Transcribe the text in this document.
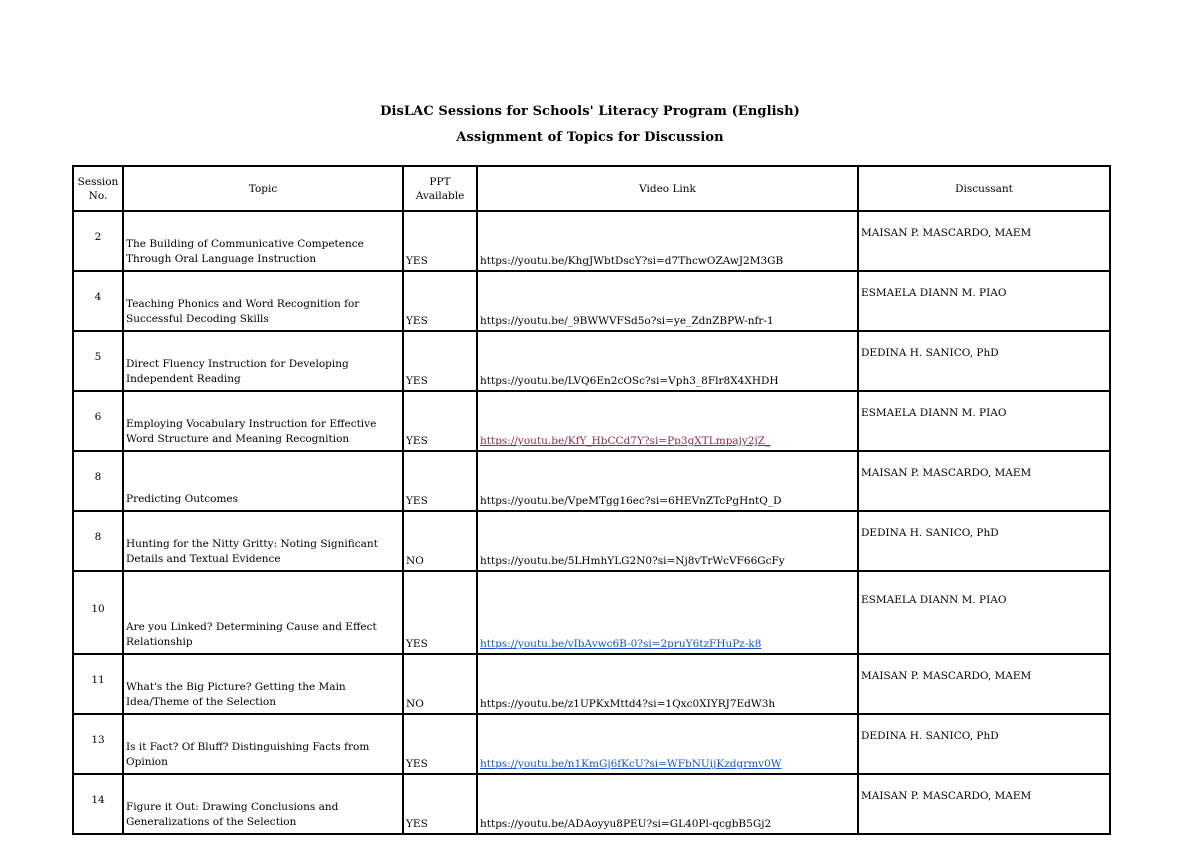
DisLAC Sessions for Schools' Literacy Program (English)
Assignment of Topics for Discussion
Session No.	Topic	PPT Available	Video Link	Discussant
2	The Building of Communicative Competence Through Oral Language Instruction	YES	https://youtu.be/KhgJWbtDscY?si=d7ThcwOZAwJ2M3GB	MAISAN P. MASCARDO, MAEM
4	Teaching Phonics and Word Recognition for Successful Decoding Skills	YES	https://youtu.be/_9BWWVFSd5o?si=ye_ZdnZBPW-nfr-1	ESMAELA DIANN M. PIAO
5	Direct Fluency Instruction for Developing Independent Reading	YES	https://youtu.be/LVQ6En2cOSc?si=Vph3_8Flr8X4XHDH	DEDINA H. SANICO, PhD
6	Employing Vocabulary Instruction for Effective Word Structure and Meaning Recognition	YES	https://youtu.be/KfY_HbCCd7Y?si=Pp3gXTLmpajy2jZ_	ESMAELA DIANN M. PIAO
8	Predicting Outcomes	YES	https://youtu.be/VpeMTgg16ec?si=6HEVnZTcPgHntQ_D	MAISAN P. MASCARDO, MAEM
8	Hunting for the Nitty Gritty: Noting Significant Details and Textual Evidence	NO	https://youtu.be/5LHmhYLG2N0?si=Nj8vTrWcVF66GcFy	DEDINA H. SANICO, PhD
10	Are you Linked? Determining Cause and Effect Relationship	YES	https://youtu.be/vIbAvwc6B-0?si=2pruY6tzFHuPz-k8	ESMAELA DIANN M. PIAO
11	What's the Big Picture? Getting the Main Idea/Theme of the Selection	NO	https://youtu.be/z1UPKxMttd4?si=1Qxc0XIYRJ7EdW3h	MAISAN P. MASCARDO, MAEM
13	Is it Fact? Of Bluff? Distinguishing Facts from Opinion	YES	https://youtu.be/n1KmGj6fKcU?si=WFbNUijKzdgrmv0W	DEDINA H. SANICO, PhD
14	Figure it Out: Drawing Conclusions and Generalizations of the Selection	YES	https://youtu.be/ADAoyyu8PEU?si=GL40Pl-qcgbB5Gj2	MAISAN P. MASCARDO, MAEM
